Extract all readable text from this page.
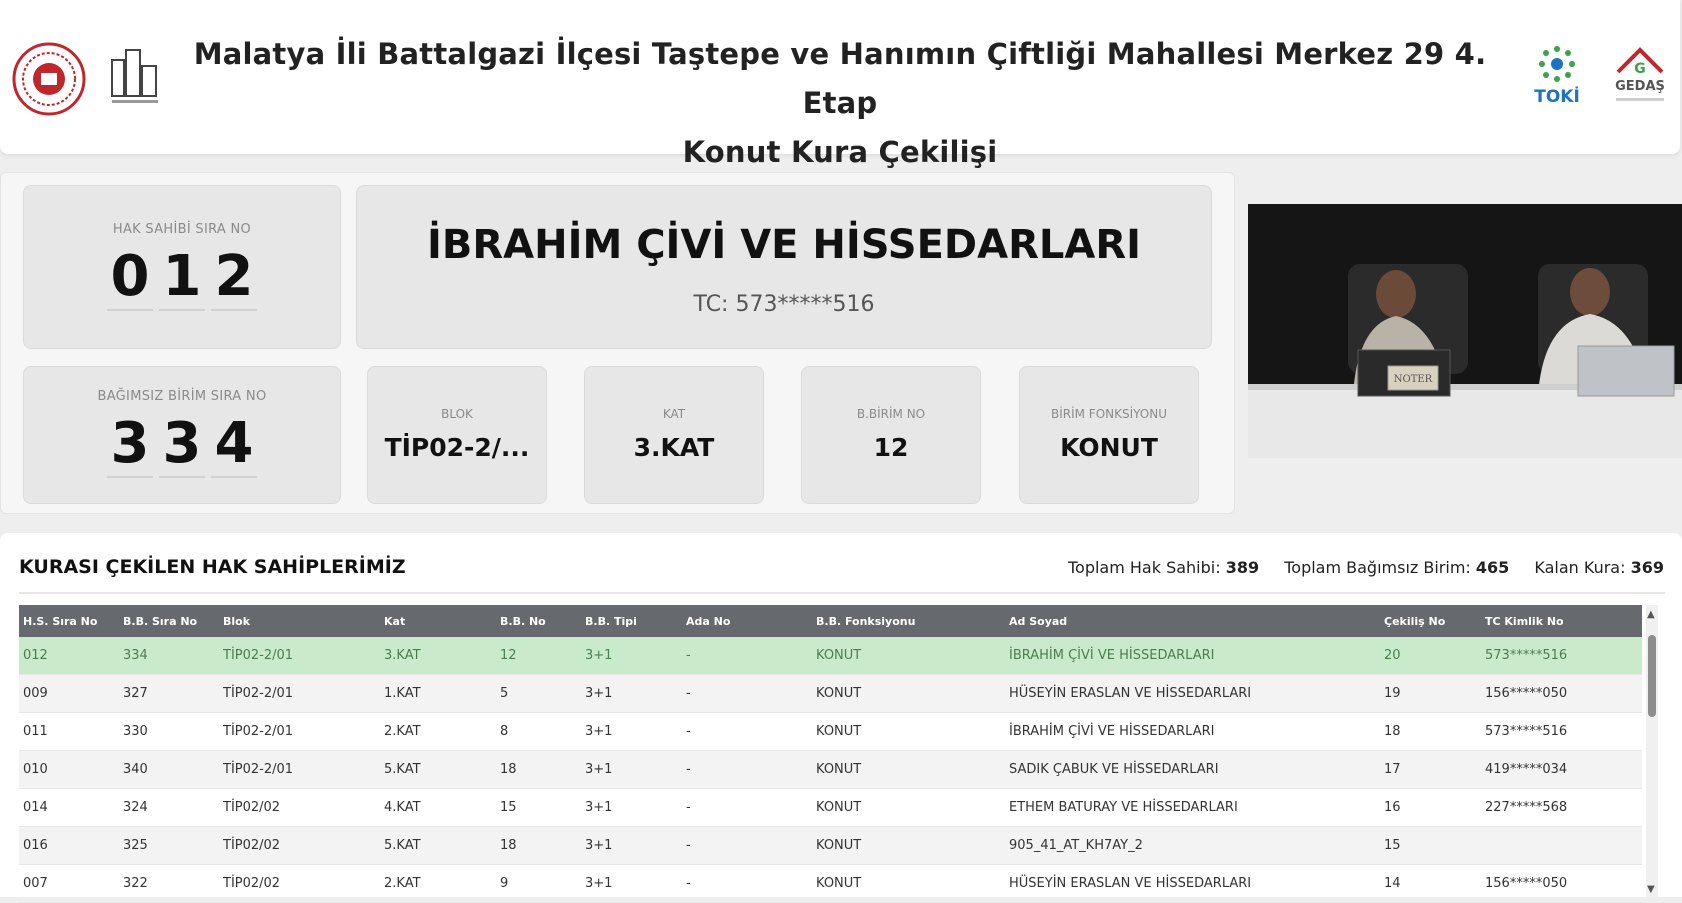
Malatya İli Battalgazi İlçesi Taştepe ve Hanımın Çiftliği Mahallesi Merkez 29 4. Etap
Konut Kura Çekilişi
TOKİ
G
GEDAŞ
HAK SAHİBİ SIRA NO
0 1 2	İBRAHİM ÇİVİ VE HİSSEDARLARI
TC: 573*****516
BAĞIMSIZ BİRİM SIRA NO
3 3 4	BLOK
TİP02-2/...
KAT
3.KAT
B.BİRİM NO
12
BİRİM FONKSİYONU
KONUT
NOTER
KURASI ÇEKİLEN HAK SAHİPLERİMİZ	Toplam Hak Sahibi: 389 Toplam Bağımsız Birim: 465 Kalan Kura: 369
H.S. Sıra No	B.B. Sıra No	Blok	Kat	B.B. No	B.B. Tipi	Ada No	B.B. Fonksiyonu	Ad Soyad	Çekiliş No	TC Kimlik No
012	334	TİP02-2/01	3.KAT	12	3+1	-	KONUT	İBRAHİM ÇİVİ VE HİSSEDARLARI	20	573*****516
009	327	TİP02-2/01	1.KAT	5	3+1	-	KONUT	HÜSEYİN ERASLAN VE HİSSEDARLARI	19	156*****050
011	330	TİP02-2/01	2.KAT	8	3+1	-	KONUT	İBRAHİM ÇİVİ VE HİSSEDARLARI	18	573*****516
010	340	TİP02-2/01	5.KAT	18	3+1	-	KONUT	SADIK ÇABUK VE HİSSEDARLARI	17	419*****034
014	324	TİP02/02	4.KAT	15	3+1	-	KONUT	ETHEM BATURAY VE HİSSEDARLARI	16	227*****568
016	325	TİP02/02	5.KAT	18	3+1	-	KONUT	905_41_AT_KH7AY_2	15	
007	322	TİP02/02	2.KAT	9	3+1	-	KONUT	HÜSEYİN ERASLAN VE HİSSEDARLARI	14	156*****050
▲
▼
